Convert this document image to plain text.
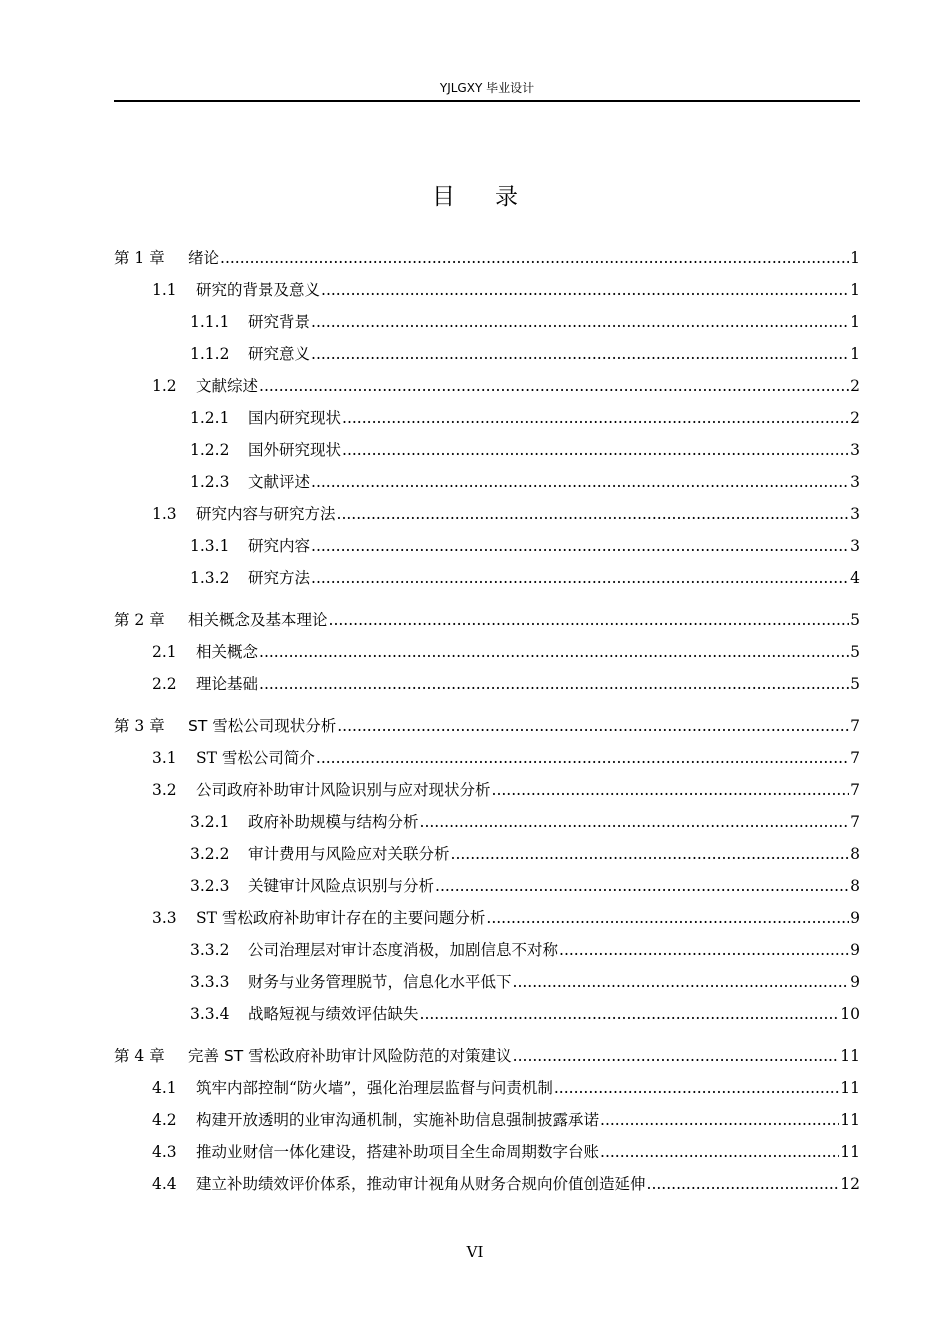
YJLGXY 毕业设计
目录
第 1 章	绪论 .....	1
1.1	研究的背景及意义 .....	1
1.1.1	研究背景 .....	1
1.1.2	研究意义 .....	1
1.2	文献综述 .....	2
1.2.1	国内研究现状 .....	2
1.2.2	国外研究现状 .....	3
1.2.3	文献评述 .....	3
1.3	研究内容与研究方法 .....	3
1.3.1	研究内容 .....	3
1.3.2	研究方法 .....	4
第 2 章	相关概念及基本理论 .....	5
2.1	相关概念 .....	5
2.2	理论基础 .....	5
第 3 章	ST 雪松公司现状分析 .....	7
3.1	ST 雪松公司简介 .....	7
3.2	公司政府补助审计风险识别与应对现状分析 .....	7
3.2.1	政府补助规模与结构分析 .....	7
3.2.2	审计费用与风险应对关联分析 .....	8
3.2.3	关键审计风险点识别与分析 .....	8
3.3	ST 雪松政府补助审计存在的主要问题分析 .....	9
3.3.2	公司治理层对审计态度消极，加剧信息不对称 .....	9
3.3.3	财务与业务管理脱节，信息化水平低下 .....	9
3.3.4	战略短视与绩效评估缺失 .....	10
第 4 章	完善 ST 雪松政府补助审计风险防范的对策建议 .....	11
4.1	筑牢内部控制“防火墙”，强化治理层监督与问责机制 .....	11
4.2	构建开放透明的业审沟通机制，实施补助信息强制披露承诺 .....	11
4.3	推动业财信一体化建设，搭建补助项目全生命周期数字台账 .....	11
4.4	建立补助绩效评价体系，推动审计视角从财务合规向价值创造延伸 .....	12
VI
